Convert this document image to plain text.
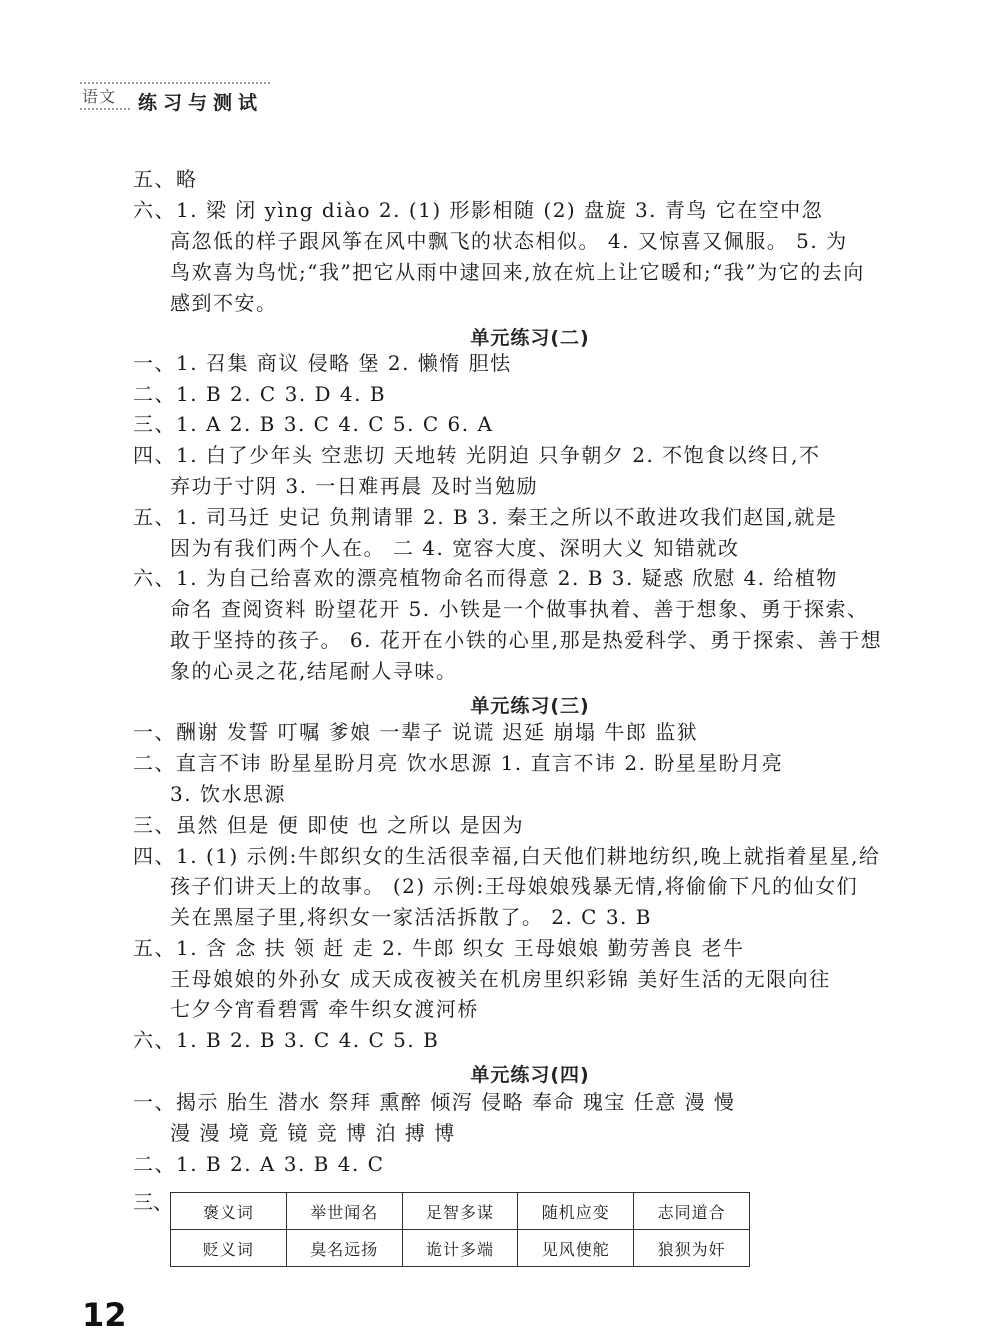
语文	练习与测试
五、略
六、1. 梁 闭 yìng diào 2. (1) 形影相随 (2) 盘旋 3. 青鸟 它在空中忽
高忽低的样子跟风筝在风中飘飞的状态相似。 4. 又惊喜又佩服。 5. 为
鸟欢喜为鸟忧;“我”把它从雨中逮回来,放在炕上让它暖和;“我”为它的去向
感到不安。
单元练习(二)
一、1. 召集 商议 侵略 堡 2. 懒惰 胆怯
二、1. B 2. C 3. D 4. B
三、1. A 2. B 3. C 4. C 5. C 6. A
四、1. 白了少年头 空悲切 天地转 光阴迫 只争朝夕 2. 不饱食以终日,不
弃功于寸阴 3. 一日难再晨 及时当勉励
五、1. 司马迁 史记 负荆请罪 2. B 3. 秦王之所以不敢进攻我们赵国,就是
因为有我们两个人在。 二 4. 宽容大度、深明大义 知错就改
六、1. 为自己给喜欢的漂亮植物命名而得意 2. B 3. 疑惑 欣慰 4. 给植物
命名 查阅资料 盼望花开 5. 小铁是一个做事执着、善于想象、勇于探索、
敢于坚持的孩子。 6. 花开在小铁的心里,那是热爱科学、勇于探索、善于想
象的心灵之花,结尾耐人寻味。
单元练习(三)
一、酬谢 发誓 叮嘱 爹娘 一辈子 说谎 迟延 崩塌 牛郎 监狱
二、直言不讳 盼星星盼月亮 饮水思源 1. 直言不讳 2. 盼星星盼月亮
3. 饮水思源
三、虽然 但是 便 即使 也 之所以 是因为
四、1. (1) 示例:牛郎织女的生活很幸福,白天他们耕地纺织,晚上就指着星星,给
孩子们讲天上的故事。 (2) 示例:王母娘娘残暴无情,将偷偷下凡的仙女们
关在黑屋子里,将织女一家活活拆散了。 2. C 3. B
五、1. 含 念 扶 领 赶 走 2. 牛郎 织女 王母娘娘 勤劳善良 老牛
王母娘娘的外孙女 成天成夜被关在机房里织彩锦 美好生活的无限向往
七夕今宵看碧霄 牵牛织女渡河桥
六、1. B 2. B 3. C 4. C 5. B
单元练习(四)
一、揭示 胎生 潜水 祭拜 熏醉 倾泻 侵略 奉命 瑰宝 任意 漫 慢
漫 漫 境 竟 镜 竞 博 泊 搏 博
二、1. B 2. A 3. B 4. C
三、 褒义词	举世闻名	足智多谋	随机应变	志同道合
贬义词	臭名远扬	诡计多端	见风使舵	狼狈为奸
12
